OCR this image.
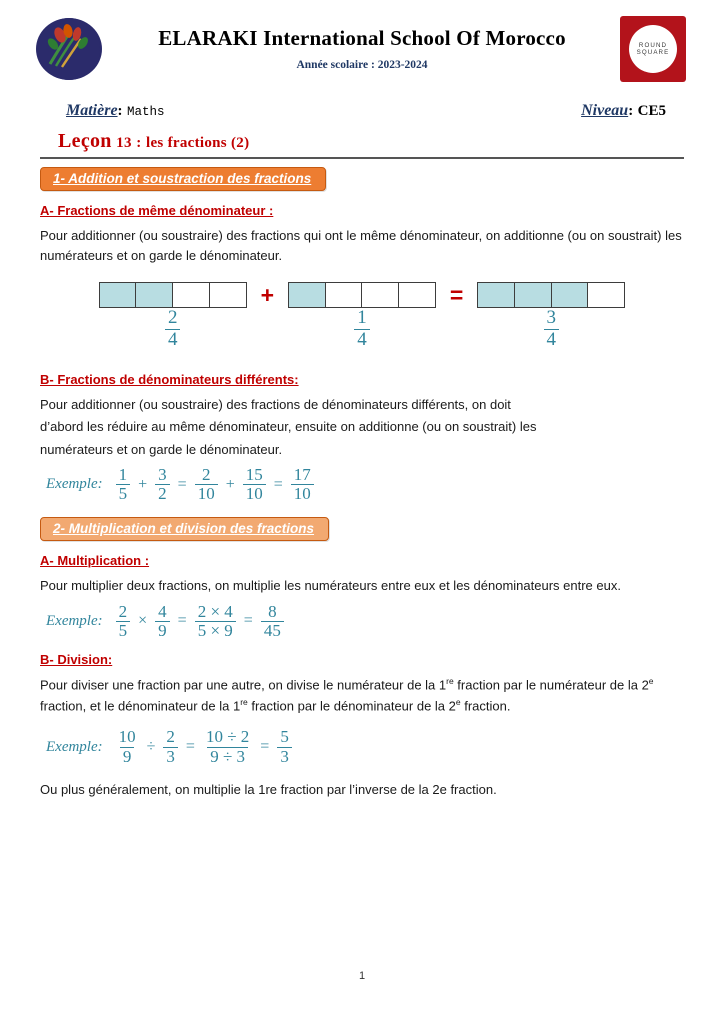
ELARAKI International School Of Morocco
Année scolaire : 2023-2024
ROUND
SQUARE
Matière: Maths	Niveau: CE5
Leçon 13 : les fractions (2)
1- Addition et soustraction des fractions
A- Fractions de même dénominateur :

Pour additionner (ou soustraire) des fractions qui ont le même dénominateur, on additionne (ou on soustrait) les numérateurs et on garde le dénominateur.

$\frac{2}{4}$
+
$\frac{1}{4}$
=
$\frac{3}{4}$
B- Fractions de dénominateurs différents:

Pour additionner (ou soustraire) des fractions de dénominateurs différents, on doit

d’abord les réduire au même dénominateur, ensuite on additionne (ou on soustrait) les

numérateurs et on garde le dénominateur.

Exemple: $\frac{1}{5} + \frac{3}{2} = \frac{2}{10} + \frac{15}{10} = \frac{17}{10}$
2- Multiplication et division des fractions
A- Multiplication :

Pour multiplier deux fractions, on multiplie les numérateurs entre eux et les dénominateurs entre eux.

Exemple: $\frac{2}{5} \times \frac{4}{9} = \frac{2 \times 4}{5 \times 9} = \frac{8}{45}$
B- Division:

Pour diviser une fraction par une autre, on divise le numérateur de la 1re fraction par le numérateur de la 2e fraction, et le dénominateur de la 1re fraction par le dénominateur de la 2e fraction.

Exemple: $\frac{10}{9} \div \frac{2}{3} = \frac{10 \div 2}{9 \div 3} = \frac{5}{3}$

Ou plus généralement, on multiplie la 1re fraction par l’inverse de la 2e fraction.

1
